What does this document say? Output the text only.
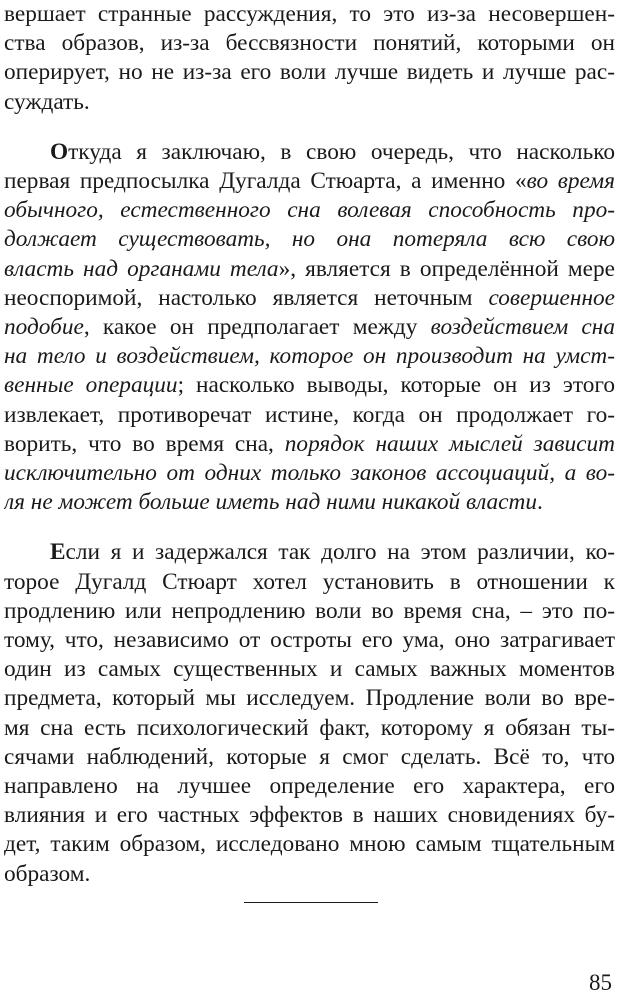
вершает странные рассуждения, то это из-за несовершен-
ства образов, из-за бессвязности понятий, которыми он
оперирует, но не из-за его воли лучше видеть и лучше рас-
суждать.
Откуда я заключаю, в свою очередь, что насколько
первая предпосылка Дугалда Стюарта, а именно «во время
обычного, естественного сна волевая способность про-
должает существовать, но она потеряла всю свою
власть над органами тела», является в определённой мере
неоспоримой, настолько является неточным совершенное
подобие, какое он предполагает между воздействием сна
на тело и воздействием, которое он производит на умст-
венные операции; насколько выводы, которые он из этого
извлекает, противоречат истине, когда он продолжает го-
ворить, что во время сна, порядок наших мыслей зависит
исключительно от одних только законов ассоциаций, а во-
ля не может больше иметь над ними никакой власти.
Если я и задержался так долго на этом различии, ко-
торое Дугалд Стюарт хотел установить в отношении к
продлению или непродлению воли во время сна, – это по-
тому, что, независимо от остроты его ума, оно затрагивает
один из самых существенных и самых важных моментов
предмета, который мы исследуем. Продление воли во вре-
мя сна есть психологический факт, которому я обязан ты-
сячами наблюдений, которые я смог сделать. Всё то, что
направлено на лучшее определение его характера, его
влияния и его частных эффектов в наших сновидениях бу-
дет, таким образом, исследовано мною самым тщательным
образом.
85
